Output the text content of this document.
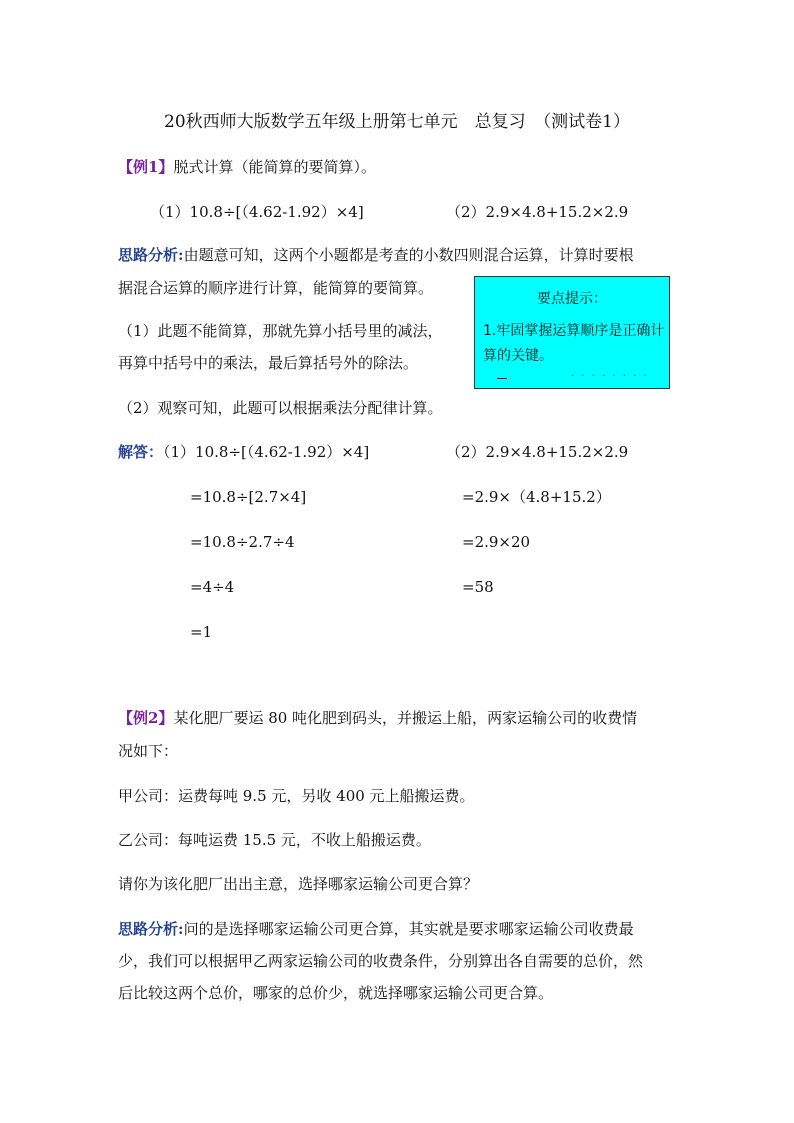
20秋西师大版数学五年级上册第七单元　总复习　（测试卷1）
【例1】脱式计算（能简算的要简算）。
（1）10.8÷[（4.62-1.92）×4]	（2）2.9×4.8+15.2×2.9
思路分析:由题意可知，这两个小题都是考查的小数四则混合运算，计算时要根
据混合运算的顺序进行计算，能简算的要简算。
（1）此题不能简算，那就先算小括号里的减法，
再算中括号中的乘法，最后算括号外的除法。
要点提示：
1.牢固掌握运算顺序是正确计算的关键。
· · · · · · · ·
（2）观察可知，此题可以根据乘法分配律计算。
解答：（1）10.8÷[（4.62-1.92）×4]	（2）2.9×4.8+15.2×2.9
=10.8÷[2.7×4]	=2.9×（4.8+15.2）
=10.8÷2.7÷4	=2.9×20
=4÷4	=58
=1
【例2】某化肥厂要运 80 吨化肥到码头，并搬运上船，两家运输公司的收费情
况如下：
甲公司：运费每吨 9.5 元，另收 400 元上船搬运费。
乙公司：每吨运费 15.5 元，不收上船搬运费。
请你为该化肥厂出出主意，选择哪家运输公司更合算？
思路分析:问的是选择哪家运输公司更合算，其实就是要求哪家运输公司收费最
少，我们可以根据甲乙两家运输公司的收费条件，分别算出各自需要的总价，然
后比较这两个总价，哪家的总价少，就选择哪家运输公司更合算。
